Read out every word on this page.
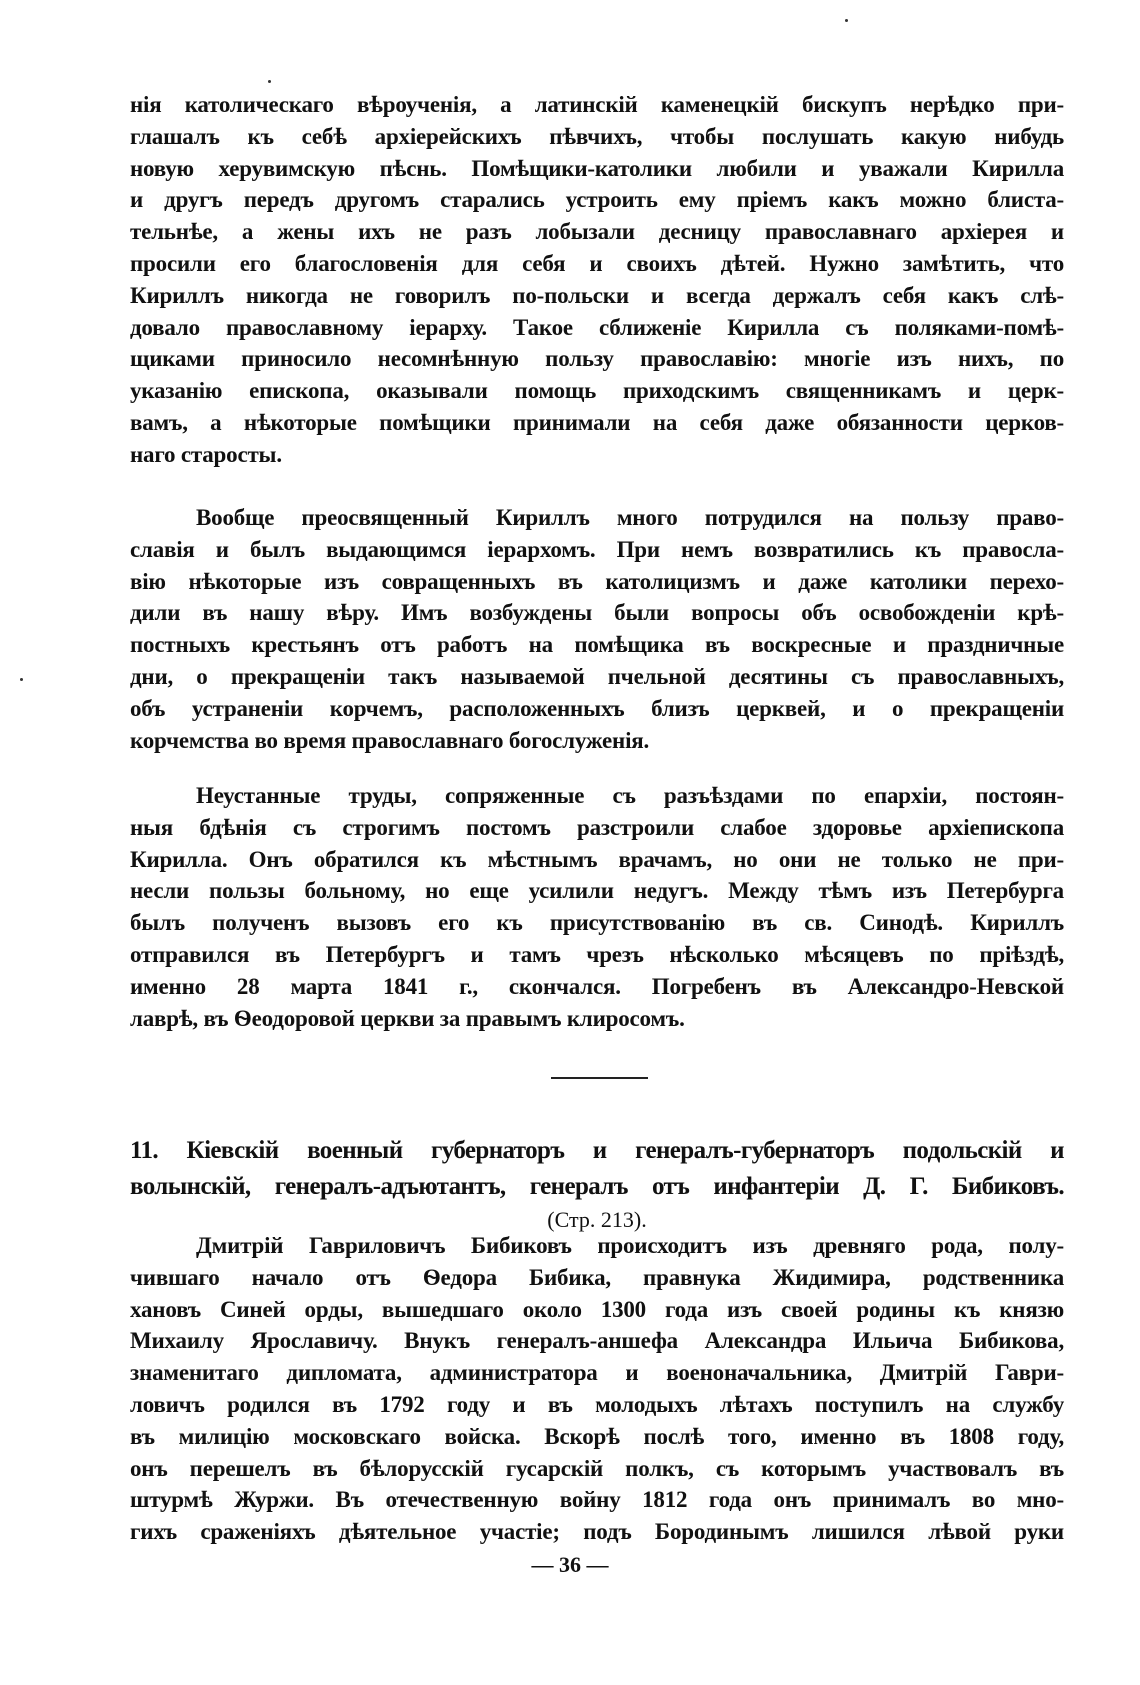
нія католическаго вѣроученія, а латинскій каменецкій бискупъ нерѣдко при-
глашалъ къ себѣ архіерейскихъ пѣвчихъ, чтобы послушать какую нибудь
новую херувимскую пѣснь. Помѣщики-католики любили и уважали Кирилла
и другъ передъ другомъ старались устроить ему пріемъ какъ можно блиста-
тельнѣе, а жены ихъ не разъ лобызали десницу православнаго архіерея и
просили его благословенія для себя и своихъ дѣтей. Нужно замѣтить, что
Кириллъ никогда не говорилъ по-польски и всегда держалъ себя какъ слѣ-
довало православному іерарху. Такое сближеніе Кирилла съ поляками-помѣ-
щиками приносило несомнѣнную пользу православію: многіе изъ нихъ, по
указанію епископа, оказывали помощь приходскимъ священникамъ и церк-
вамъ, а нѣкоторые помѣщики принимали на себя даже обязанности церков-
наго старосты.
Вообще преосвященный Кириллъ много потрудился на пользу право-
славія и былъ выдающимся іерархомъ. При немъ возвратились къ правосла-
вію нѣкоторые изъ совращенныхъ въ католицизмъ и даже католики перехо-
дили въ нашу вѣру. Имъ возбуждены были вопросы объ освобожденіи крѣ-
постныхъ крестьянъ отъ работъ на помѣщика въ воскресные и праздничные
дни, о прекращеніи такъ называемой пчельной десятины съ православныхъ,
объ устраненіи корчемъ, расположенныхъ близъ церквей, и о прекращеніи
корчемства во время православнаго богослуженія.
Неустанные труды, сопряженные съ разъѣздами по епархіи, постоян-
ныя бдѣнія съ строгимъ постомъ разстроили слабое здоровье архіепископа
Кирилла. Онъ обратился къ мѣстнымъ врачамъ, но они не только не при-
несли пользы больному, но еще усилили недугъ. Между тѣмъ изъ Петербурга
былъ полученъ вызовъ его къ присутствованію въ св. Синодѣ. Кириллъ
отправился въ Петербургъ и тамъ чрезъ нѣсколько мѣсяцевъ по пріѣздѣ,
именно 28 марта 1841 г., скончался. Погребенъ въ Александро-Невской
лаврѣ, въ Ѳеодоровой церкви за правымъ клиросомъ.
11. Кіевскій военный губернаторъ и генералъ-губернаторъ подольскій и
волынскій, генералъ-адъютантъ, генералъ отъ инфантеріи Д. Г. Бибиковъ.
(Стр. 213).
Дмитрій Гавриловичъ Бибиковъ происходитъ изъ древняго рода, полу-
чившаго начало отъ Ѳедора Бибика, правнука Жидимира, родственника
хановъ Синей орды, вышедшаго около 1300 года изъ своей родины къ князю
Михаилу Ярославичу. Внукъ генералъ-аншефа Александра Ильича Бибикова,
знаменитаго дипломата, администратора и военоначальника, Дмитрій Гаври-
ловичъ родился въ 1792 году и въ молодыхъ лѣтахъ поступилъ на службу
въ милицію московскаго войска. Вскорѣ послѣ того, именно въ 1808 году,
онъ перешелъ въ бѣлорусскій гусарскій полкъ, съ которымъ участвовалъ въ
штурмѣ Журжи. Въ отечественную войну 1812 года онъ принималъ во мно-
гихъ сраженіяхъ дѣятельное участіе; подъ Бородинымъ лишился лѣвой руки
— 36 —
